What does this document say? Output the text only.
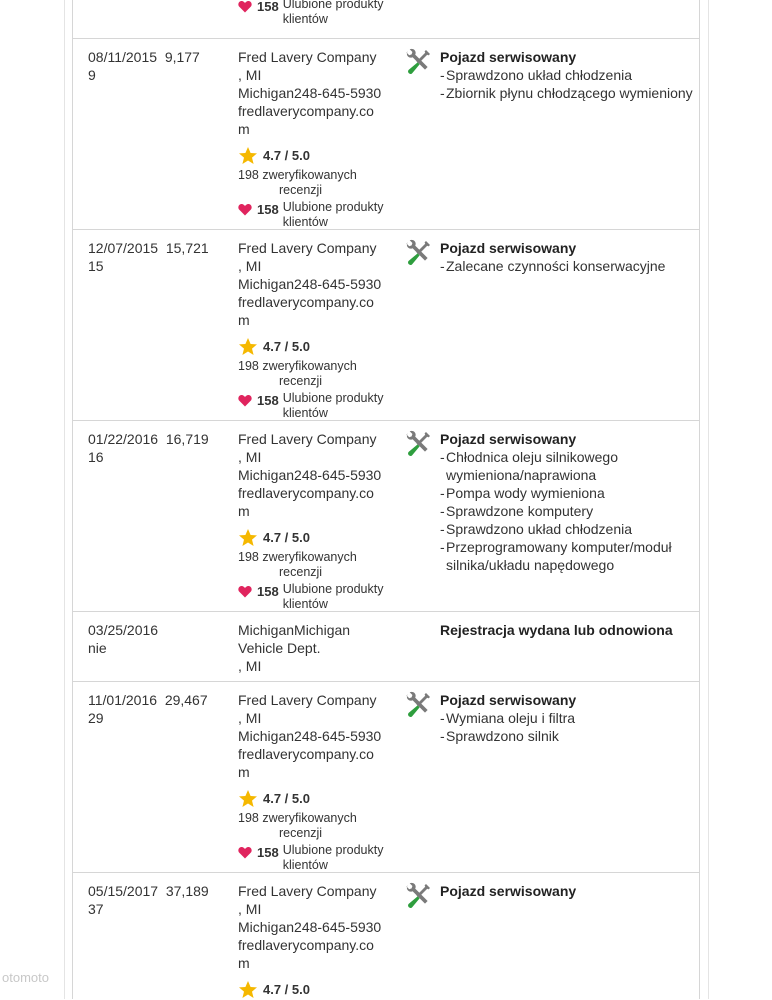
158 Ulubione produkty
klientów
08/11/2015 9,177
9
Fred Lavery Company
, MI
Michigan248-645-5930
fredlaverycompany.co
m
4.7 / 5.0
198 zweryfikowanych
recenzji
158 Ulubione produkty
klientów
Pojazd serwisowany
- Sprawdzono układ chłodzenia
- Zbiornik płynu chłodzącego wymieniony
12/07/2015 15,721
15
Fred Lavery Company
, MI
Michigan248-645-5930
fredlaverycompany.co
m
4.7 / 5.0
198 zweryfikowanych
recenzji
158 Ulubione produkty
klientów
Pojazd serwisowany
- Zalecane czynności konserwacyjne
01/22/2016 16,719
16
Fred Lavery Company
, MI
Michigan248-645-5930
fredlaverycompany.co
m
4.7 / 5.0
198 zweryfikowanych
recenzji
158 Ulubione produkty
klientów
Pojazd serwisowany
- Chłodnica oleju silnikowego wymieniona/naprawiona
- Pompa wody wymieniona
- Sprawdzone komputery
- Sprawdzono układ chłodzenia
- Przeprogramowany komputer/moduł silnika/układu napędowego
03/25/2016
nie
MichiganMichigan
Vehicle Dept.
, MI
Rejestracja wydana lub odnowiona
11/01/2016 29,467
29
Fred Lavery Company
, MI
Michigan248-645-5930
fredlaverycompany.co
m
4.7 / 5.0
198 zweryfikowanych
recenzji
158 Ulubione produkty
klientów
Pojazd serwisowany
- Wymiana oleju i filtra
- Sprawdzono silnik
05/15/2017 37,189
37
Fred Lavery Company
, MI
Michigan248-645-5930
fredlaverycompany.co
m
4.7 / 5.0
Pojazd serwisowany
otomoto
